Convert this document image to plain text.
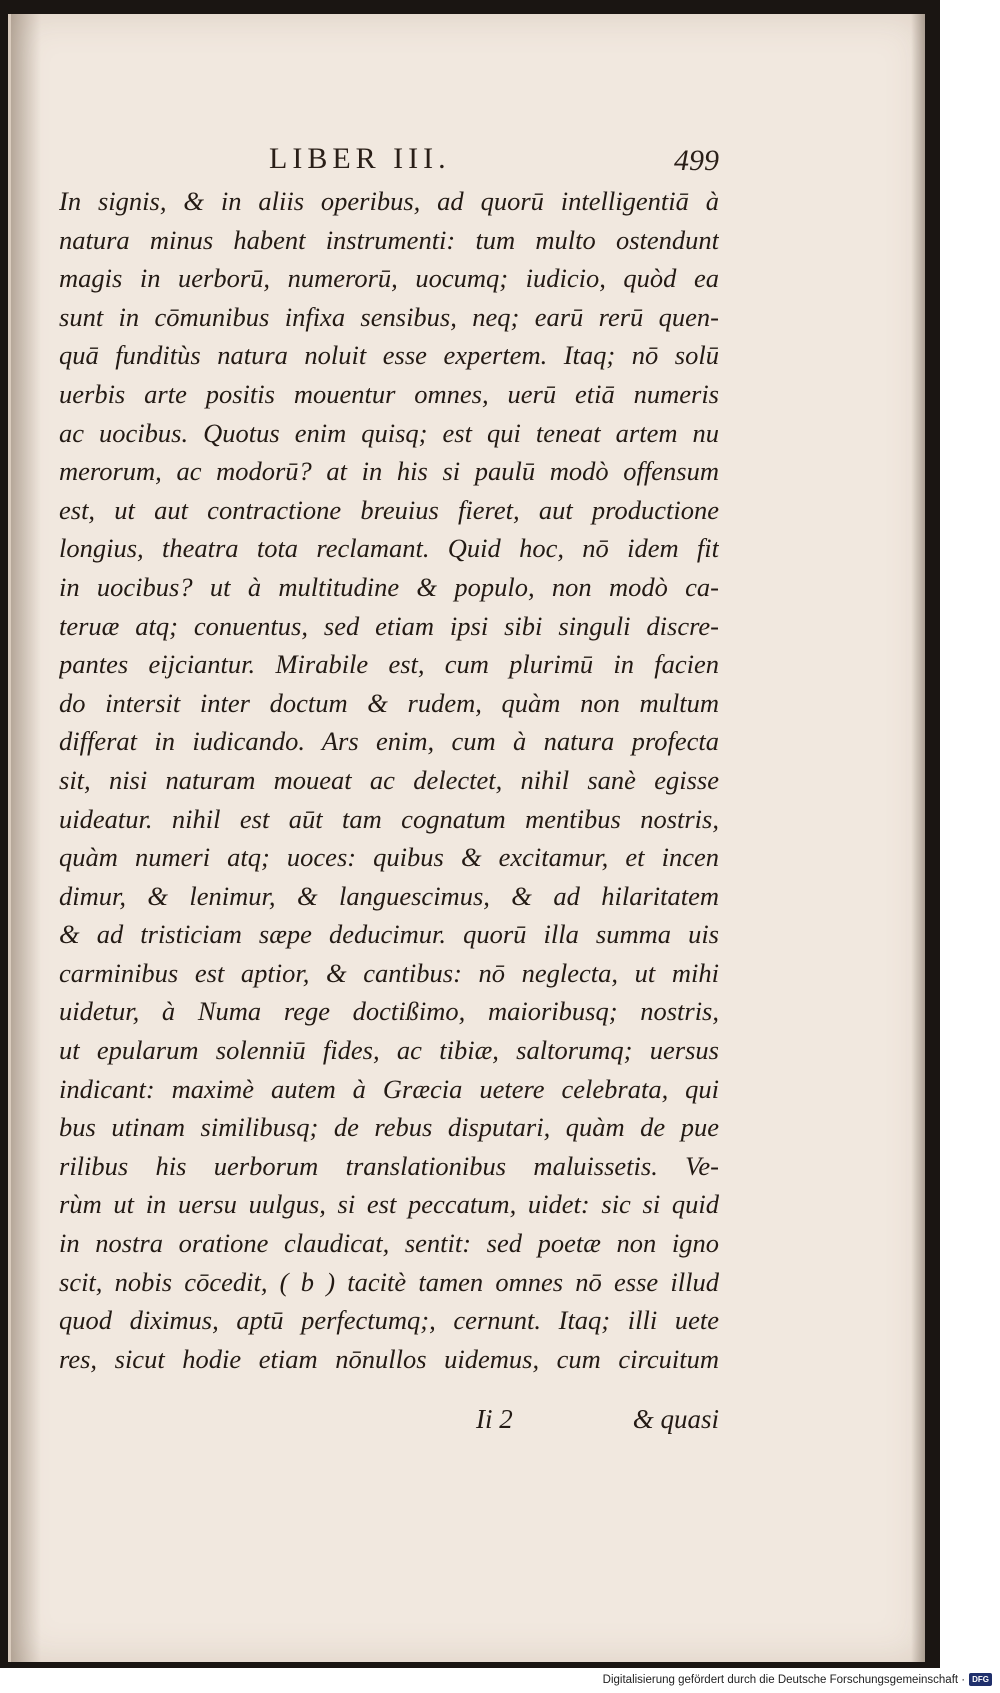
LIBER III.	499
In signis, & in aliis operibus, ad quorū intelligentiā à
natura minus habent instrumenti: tum multo ostendunt
magis in uerborū, numerorū, uocumq; iudicio, quòd ea
sunt in cōmunibus infixa sensibus, neq; earū rerū quen-
quā funditùs natura noluit esse expertem. Itaq; nō solū
uerbis arte positis mouentur omnes, uerū etiā numeris
ac uocibus. Quotus enim quisq; est qui teneat artem nu
merorum, ac modorū? at in his si paulū modò offensum
est, ut aut contractione breuius fieret, aut productione
longius, theatra tota reclamant. Quid hoc, nō idem fit
in uocibus? ut à multitudine & populo, non modò ca-
teruæ atq; conuentus, sed etiam ipsi sibi singuli discre-
pantes eijciantur. Mirabile est, cum plurimū in facien
do intersit inter doctum & rudem, quàm non multum
differat in iudicando. Ars enim, cum à natura profecta
sit, nisi naturam moueat ac delectet, nihil sanè egisse
uideatur. nihil est aūt tam cognatum mentibus nostris,
quàm numeri atq; uoces: quibus & excitamur, et incen
dimur, & lenimur, & languescimus, & ad hilaritatem
& ad tristiciam sæpe deducimur. quorū illa summa uis
carminibus est aptior, & cantibus: nō neglecta, ut mihi
uidetur, à Numa rege doctißimo, maioribusq; nostris,
ut epularum solenniū fides, ac tibiæ, saltorumq; uersus
indicant: maximè autem à Græcia uetere celebrata, qui
bus utinam similibusq; de rebus disputari, quàm de pue
rilibus his uerborum translationibus maluissetis. Ve-
rùm ut in uersu uulgus, si est peccatum, uidet: sic si quid
in nostra oratione claudicat, sentit: sed poetæ non igno
scit, nobis cōcedit, ( b ) tacitè tamen omnes nō esse illud
quod diximus, aptū perfectumq;, cernunt. Itaq; illi uete
res, sicut hodie etiam nōnullos uidemus, cum circuitum
Ii 2	& quasi
Digitalisierung gefördert durch die Deutsche Forschungsgemeinschaft · DFG
